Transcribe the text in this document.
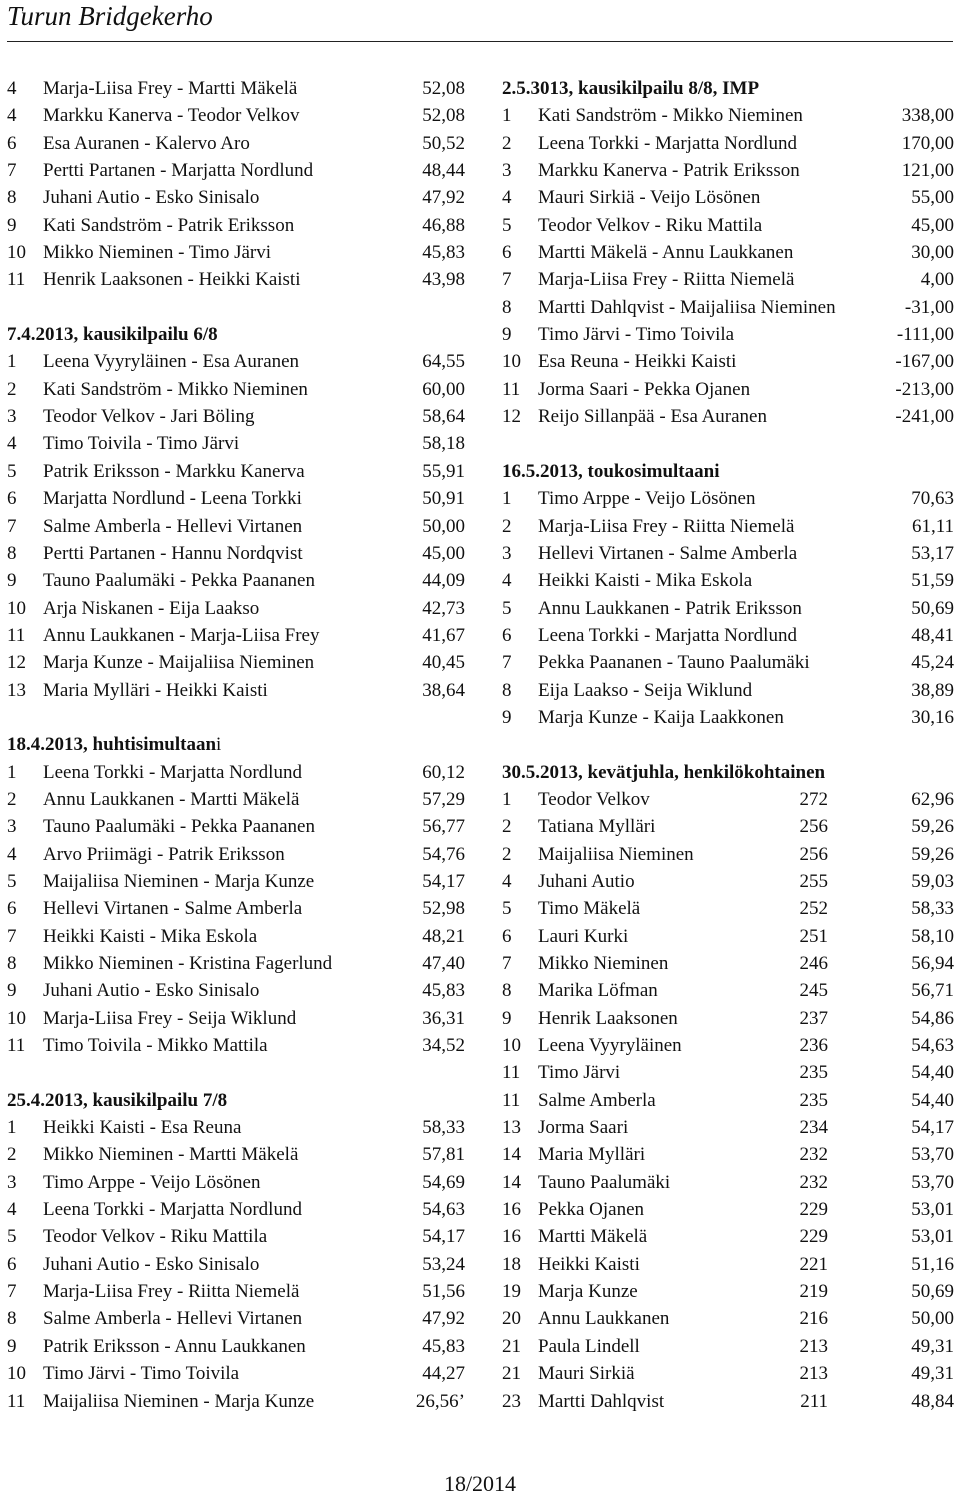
Turun Bridgekerho
4 Marja-Liisa Frey - Martti Mäkelä	52,08
4 Markku Kanerva - Teodor Velkov	52,08
6 Esa Auranen - Kalervo Aro	50,52
7 Pertti Partanen - Marjatta Nordlund	48,44
8 Juhani Autio - Esko Sinisalo	47,92
9 Kati Sandström - Patrik Eriksson	46,88
10 Mikko Nieminen - Timo Järvi	45,83
11 Henrik Laaksonen - Heikki Kaisti	43,98
7.4.2013, kausikilpailu 6/8
1 Leena Vyyryläinen - Esa Auranen	64,55
2 Kati Sandström - Mikko Nieminen	60,00
3 Teodor Velkov - Jari Böling	58,64
4 Timo Toivila - Timo Järvi	58,18
5 Patrik Eriksson - Markku Kanerva	55,91
6 Marjatta Nordlund - Leena Torkki	50,91
7 Salme Amberla - Hellevi Virtanen	50,00
8 Pertti Partanen - Hannu Nordqvist	45,00
9 Tauno Paalumäki - Pekka Paananen	44,09
10 Arja Niskanen - Eija Laakso	42,73
11 Annu Laukkanen - Marja-Liisa Frey	41,67
12 Marja Kunze - Maijaliisa Nieminen	40,45
13 Maria Mylläri - Heikki Kaisti	38,64
18.4.2013, huhtisimultaani
1 Leena Torkki - Marjatta Nordlund	60,12
2 Annu Laukkanen - Martti Mäkelä	57,29
3 Tauno Paalumäki - Pekka Paananen	56,77
4 Arvo Priimägi - Patrik Eriksson	54,76
5 Maijaliisa Nieminen - Marja Kunze	54,17
6 Hellevi Virtanen - Salme Amberla	52,98
7 Heikki Kaisti - Mika Eskola	48,21
8 Mikko Nieminen - Kristina Fagerlund	47,40
9 Juhani Autio - Esko Sinisalo	45,83
10 Marja-Liisa Frey - Seija Wiklund	36,31
11 Timo Toivila - Mikko Mattila	34,52
25.4.2013, kausikilpailu 7/8
1 Heikki Kaisti - Esa Reuna	58,33
2 Mikko Nieminen - Martti Mäkelä	57,81
3 Timo Arppe - Veijo Lösönen	54,69
4 Leena Torkki - Marjatta Nordlund	54,63
5 Teodor Velkov - Riku Mattila	54,17
6 Juhani Autio - Esko Sinisalo	53,24
7 Marja-Liisa Frey - Riitta Niemelä	51,56
8 Salme Amberla - Hellevi Virtanen	47,92
9 Patrik Eriksson - Annu Laukkanen	45,83
10 Timo Järvi - Timo Toivila	44,27
11 Maijaliisa Nieminen - Marja Kunze	26,56’
2.5.3013, kausikilpailu 8/8, IMP
1 Kati Sandström - Mikko Nieminen	338,00
2 Leena Torkki - Marjatta Nordlund	170,00
3 Markku Kanerva - Patrik Eriksson	121,00
4 Mauri Sirkiä - Veijo Lösönen	55,00
5 Teodor Velkov - Riku Mattila	45,00
6 Martti Mäkelä - Annu Laukkanen	30,00
7 Marja-Liisa Frey - Riitta Niemelä	4,00
8 Martti Dahlqvist - Maijaliisa Nieminen	-31,00
9 Timo Järvi - Timo Toivila	-111,00
10 Esa Reuna - Heikki Kaisti	-167,00
11 Jorma Saari - Pekka Ojanen	-213,00
12 Reijo Sillanpää - Esa Auranen	-241,00
16.5.2013, toukosimultaani
1 Timo Arppe - Veijo Lösönen	70,63
2 Marja-Liisa Frey - Riitta Niemelä	61,11
3 Hellevi Virtanen - Salme Amberla	53,17
4 Heikki Kaisti - Mika Eskola	51,59
5 Annu Laukkanen - Patrik Eriksson	50,69
6 Leena Torkki - Marjatta Nordlund	48,41
7 Pekka Paananen - Tauno Paalumäki	45,24
8 Eija Laakso - Seija Wiklund	38,89
9 Marja Kunze - Kaija Laakkonen	30,16
30.5.2013, kevätjuhla, henkilökohtainen
1 Teodor Velkov	272	62,96
2 Tatiana Mylläri	256	59,26
2 Maijaliisa Nieminen	256	59,26
4 Juhani Autio	255	59,03
5 Timo Mäkelä	252	58,33
6 Lauri Kurki	251	58,10
7 Mikko Nieminen	246	56,94
8 Marika Löfman	245	56,71
9 Henrik Laaksonen	237	54,86
10 Leena Vyyryläinen	236	54,63
11 Timo Järvi	235	54,40
11 Salme Amberla	235	54,40
13 Jorma Saari	234	54,17
14 Maria Mylläri	232	53,70
14 Tauno Paalumäki	232	53,70
16 Pekka Ojanen	229	53,01
16 Martti Mäkelä	229	53,01
18 Heikki Kaisti	221	51,16
19 Marja Kunze	219	50,69
20 Annu Laukkanen	216	50,00
21 Paula Lindell	213	49,31
21 Mauri Sirkiä	213	49,31
23 Martti Dahlqvist	211	48,84
18/2014
